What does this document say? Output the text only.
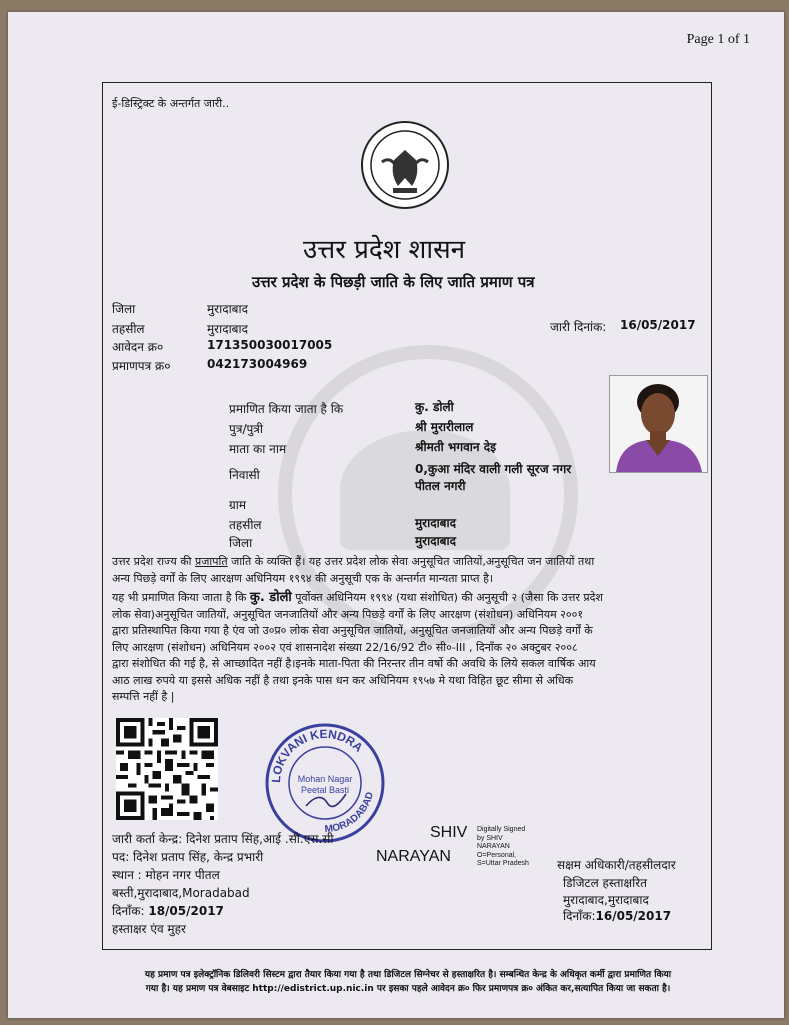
Page 1 of 1
ई-डिस्ट्रिक्ट के अन्तर्गत जारी..
उत्तर प्रदेश शासन
उत्तर प्रदेश के पिछड़ी जाति के लिए जाति प्रमाण पत्र
जिला	मुरादाबाद
तहसील	मुरादाबाद
आवेदन क्र०	171350030017005
प्रमाणपत्र क्र०	042173004969
जारी दिनांक: 16/05/2017
प्रमाणित किया जाता है कि	कु. डोली
पुत्र/पुत्री	श्री मुरारीलाल
माता का नाम	श्रीमती भगवान देइ
निवासी	0,कुआ मंदिर वाली गली सूरज नगर
पीतल नगरी
ग्राम
तहसील	मुरादाबाद
जिला	मुरादाबाद

उत्तर प्रदेश राज्य की प्रजापति जाति के व्यक्ति हैं। यह उत्तर प्रदेश लोक सेवा अनुसूचित जातियों,अनुसूचित जन जातियों तथा

अन्य पिछड़े वर्गों के लिए आरक्षण अधिनियम १९९४ की अनुसूची एक के अन्तर्गत मान्यता प्राप्त है।

यह भी प्रमाणित किया जाता है कि कु. डोली पूर्वोक्त अधिनियम १९९४ (यथा संशोधित) की अनुसूची २ (जैसा कि उत्तर प्रदेश

लोक सेवा)अनुसूचित जातियों, अनुसूचित जनजातियों और अन्य पिछड़े वर्गों के लिए आरक्षण (संशोधन) अधिनियम २००१

द्वारा प्रतिस्थापित किया गया है एंव जो उ०प्र० लोक सेवा अनुसूचित जातियों, अनुसूचित जनजातियों और अन्य पिछड़े वर्गों के

लिए आरक्षण (संशोधन) अधिनियम २००२ एवं शासनादेश संख्या 22/16/92 टी० सी०-III , दिनाँक २० अक्टुबर २००८

द्वारा संशोधित की गई है, से आच्छादित नहीं है।इनके माता-पिता की निरन्तर तीन वर्षो की अवधि के लिये सकल वार्षिक आय

आठ लाख रुपये या इससे अधिक नहीं है तथा इनके पास धन कर अधिनियम १९५७ मे यथा विहित छूट सीमा से अधिक

सम्पत्ति नहीं है |

LOKVANI KENDRA
MORADABAD
Mohan Nagar
Peetal Basti
जारी कर्ता केन्द्र: दिनेश प्रताप सिंह,आई .सी.एस.सी
पद: दिनेश प्रताप सिंह, केन्द्र प्रभारी
स्थान : मोहन नगर पीतल
बस्ती,मुरादाबाद,Moradabad
दिनाँक: 18/05/2017
हस्ताक्षर एंव मुहर
SHIV
NARAYAN
Digitally Signed
by SHIV
NARAYAN
O=Personal,
S=Uttar Pradesh सक्षम अधिकारी/तहसीलदार
डिजिटल हस्ताक्षरित
मुरादाबाद,मुरादाबाद
दिनाँक:16/05/2017
यह प्रमाण पत्र इलेक्ट्रॉनिक डिलिवरी सिस्टम द्वारा तैयार किया गया है तथा डिजिटल सिग्नेचर से हस्ताक्षरित है। सम्बन्धित केन्द्र के अधिकृत कर्मी द्वारा प्रमाणित किया
गया है। यह प्रमाण पत्र वेबसाइट http://edistrict.up.nic.in पर इसका पहले आवेदन क्र० फिर प्रमाणपत्र क्र० अंकित कर,सत्यापित किया जा सकता है।
